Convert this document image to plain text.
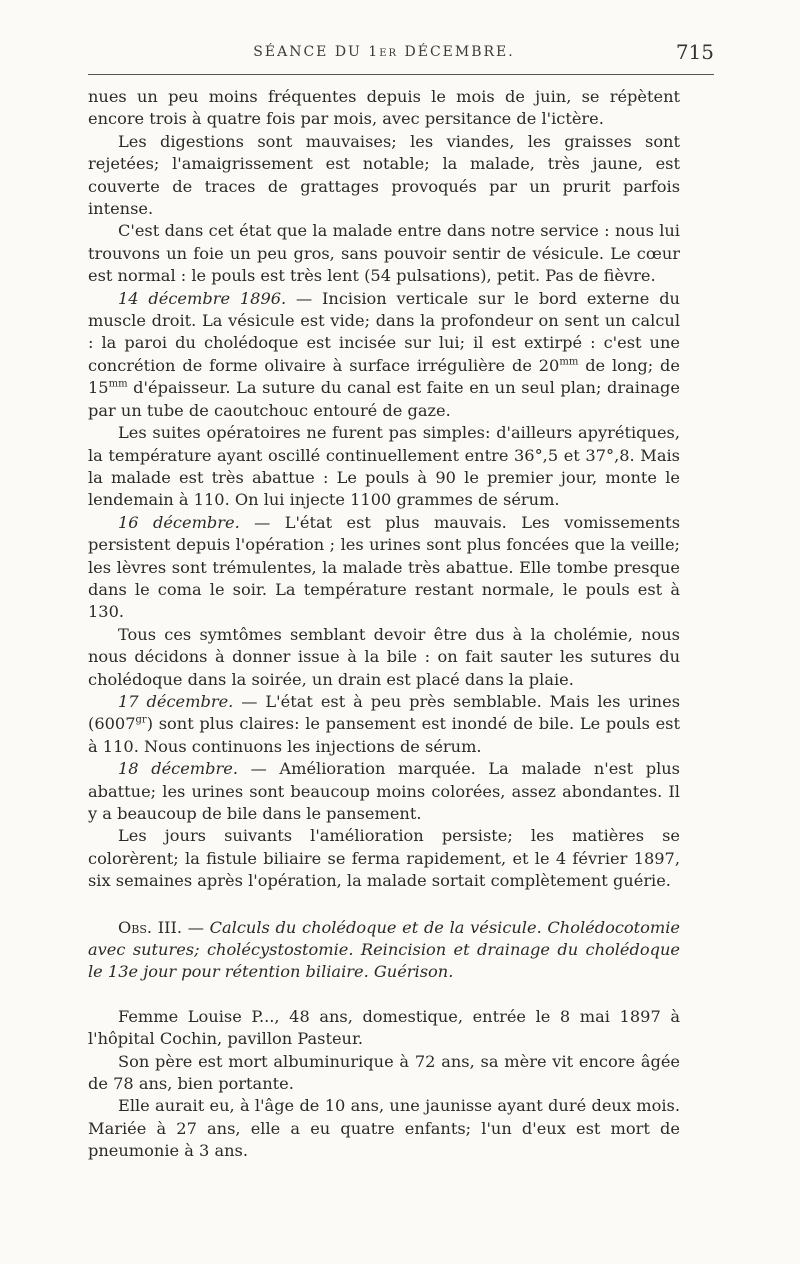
SÉANCE DU 1er DÉCEMBRE.	715

nues un peu moins fréquentes depuis le mois de juin, se répètent encore trois à quatre fois par mois, avec persitance de l'ictère.

Les digestions sont mauvaises; les viandes, les graisses sont rejetées; l'amaigrissement est notable; la malade, très jaune, est couverte de traces de grattages provoqués par un prurit parfois intense.

C'est dans cet état que la malade entre dans notre service : nous lui trouvons un foie un peu gros, sans pouvoir sentir de vésicule. Le cœur est normal : le pouls est très lent (54 pulsations), petit. Pas de fièvre.

14 décembre 1896. — Incision verticale sur le bord externe du muscle droit. La vésicule est vide; dans la profondeur on sent un calcul : la paroi du cholédoque est incisée sur lui; il est extirpé : c'est une concrétion de forme olivaire à surface irrégulière de $20^{mm}$ de long; de $15^{mm}$ d'épaisseur. La suture du canal est faite en un seul plan; drainage par un tube de caoutchouc entouré de gaze.

Les suites opératoires ne furent pas simples: d'ailleurs apyrétiques, la température ayant oscillé continuellement entre 36°,5 et 37°,8. Mais la malade est très abattue : Le pouls à 90 le premier jour, monte le lendemain à 110. On lui injecte 1100 grammes de sérum.

16 décembre. — L'état est plus mauvais. Les vomissements persistent depuis l'opération ; les urines sont plus foncées que la veille; les lèvres sont trémulentes, la malade très abattue. Elle tombe presque dans le coma le soir. La température restant normale, le pouls est à 130.

Tous ces symtômes semblant devoir être dus à la cholémie, nous nous décidons à donner issue à la bile : on fait sauter les sutures du cholédoque dans la soirée, un drain est placé dans la plaie.

17 décembre. — L'état est à peu près semblable. Mais les urines $(6007^{gr})$ sont plus claires: le pansement est inondé de bile. Le pouls est à 110. Nous continuons les injections de sérum.

18 décembre. — Amélioration marquée. La malade n'est plus abattue; les urines sont beaucoup moins colorées, assez abondantes. Il y a beaucoup de bile dans le pansement.

Les jours suivants l'amélioration persiste; les matières se colorèrent; la fistule biliaire se ferma rapidement, et le 4 février 1897, six semaines après l'opération, la malade sortait complètement guérie.

Obs. III. — Calculs du cholédoque et de la vésicule. Cholédocotomie avec sutures; cholécystostomie. Reincision et drainage du cholédoque le 13e jour pour rétention biliaire. Guérison.

Femme Louise P..., 48 ans, domestique, entrée le 8 mai 1897 à l'hôpital Cochin, pavillon Pasteur.

Son père est mort albuminurique à 72 ans, sa mère vit encore âgée de 78 ans, bien portante.

Elle aurait eu, à l'âge de 10 ans, une jaunisse ayant duré deux mois. Mariée à 27 ans, elle a eu quatre enfants; l'un d'eux est mort de pneumonie à 3 ans.
